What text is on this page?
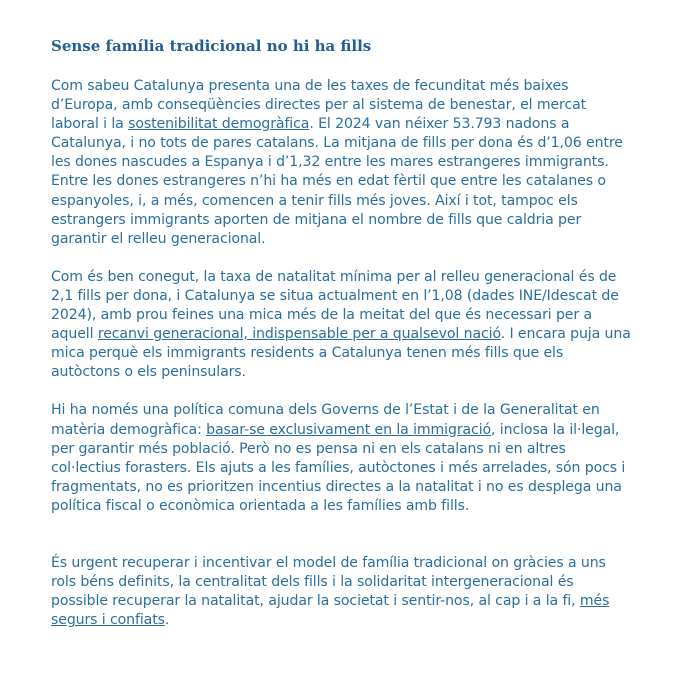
Sense família tradicional no hi ha fills

Com sabeu Catalunya presenta una de les taxes de fecunditat més baixes d’Europa, amb conseqüències directes per al sistema de benestar, el mercat laboral i la sostenibilitat demogràfica. El 2024 van néixer 53.793 nadons a Catalunya, i no tots de pares catalans. La mitjana de fills per dona és d’1,06 entre les dones nascudes a Espanya i d’1,32 entre les mares estrangeres immigrants. Entre les dones estrangeres n’hi ha més en edat fèrtil que entre les catalanes o espanyoles, i, a més, comencen a tenir fills més joves. Així i tot, tampoc els estrangers immigrants aporten de mitjana el nombre de fills que caldria per garantir el relleu generacional.

Com és ben conegut, la taxa de natalitat mínima per al relleu generacional és de 2,1 fills per dona, i Catalunya se situa actualment en l’1,08 (dades INE/Idescat de 2024), amb prou feines una mica més de la meitat del que és necessari per a aquell recanvi generacional, indispensable per a qualsevol nació. I encara puja una mica perquè els immigrants residents a Catalunya tenen més fills que els autòctons o els peninsulars.

Hi ha només una política comuna dels Governs de l’Estat i de la Generalitat en matèria demogràfica: basar-se exclusivament en la immigració, inclosa la il·legal, per garantir més població. Però no es pensa ni en els catalans ni en altres col·lectius forasters. Els ajuts a les famílies, autòctones i més arrelades, són pocs i fragmentats, no es prioritzen incentius directes a la natalitat i no es desplega una política fiscal o econòmica orientada a les famílies amb fills.

És urgent recuperar i incentivar el model de família tradicional on gràcies a uns rols béns definits, la centralitat dels fills i la solidaritat intergeneracional és possible recuperar la natalitat, ajudar la societat i sentir-nos, al cap i a la fi, més segurs i confiats.
